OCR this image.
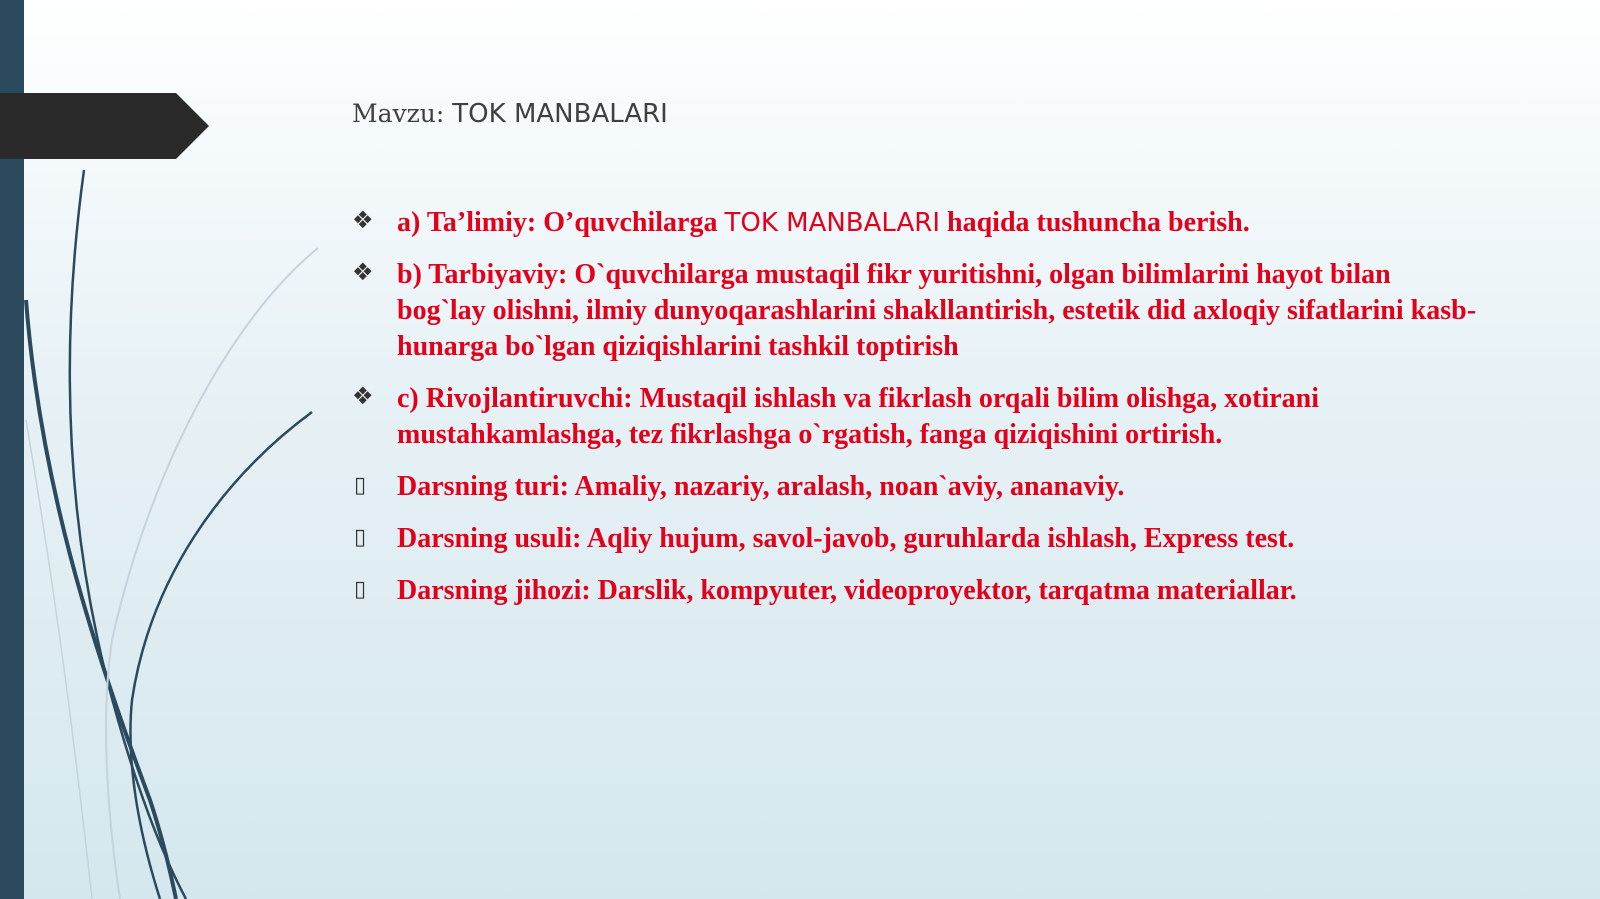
Mavzu: TOK MANBALARI
❖ a) Ta’limiy: O’quvchilarga TOK MANBALARI haqida tushuncha berish.
❖ b) Tarbiyaviy: O`quvchilarga mustaqil fikr yuritishni, olgan bilimlarini hayot bilan bog`lay olishni, ilmiy dunyoqarashlarini shakllantirish, estetik did axloqiy sifatlarini kasb-hunarga bo`lgan qiziqishlarini tashkil toptirish
❖ c) Rivojlantiruvchi: Mustaqil ishlash va fikrlash orqali bilim olishga, xotirani mustahkamlashga, tez fikrlashga o`rgatish, fanga qiziqishini ortirish.
▯	Darsning turi: Amaliy, nazariy, aralash, noan`aviy, ananaviy.
▯	Darsning usuli: Aqliy hujum, savol-javob, guruhlarda ishlash, Express test.
▯	Darsning jihozi: Darslik, kompyuter, videoproyektor, tarqatma materiallar.
